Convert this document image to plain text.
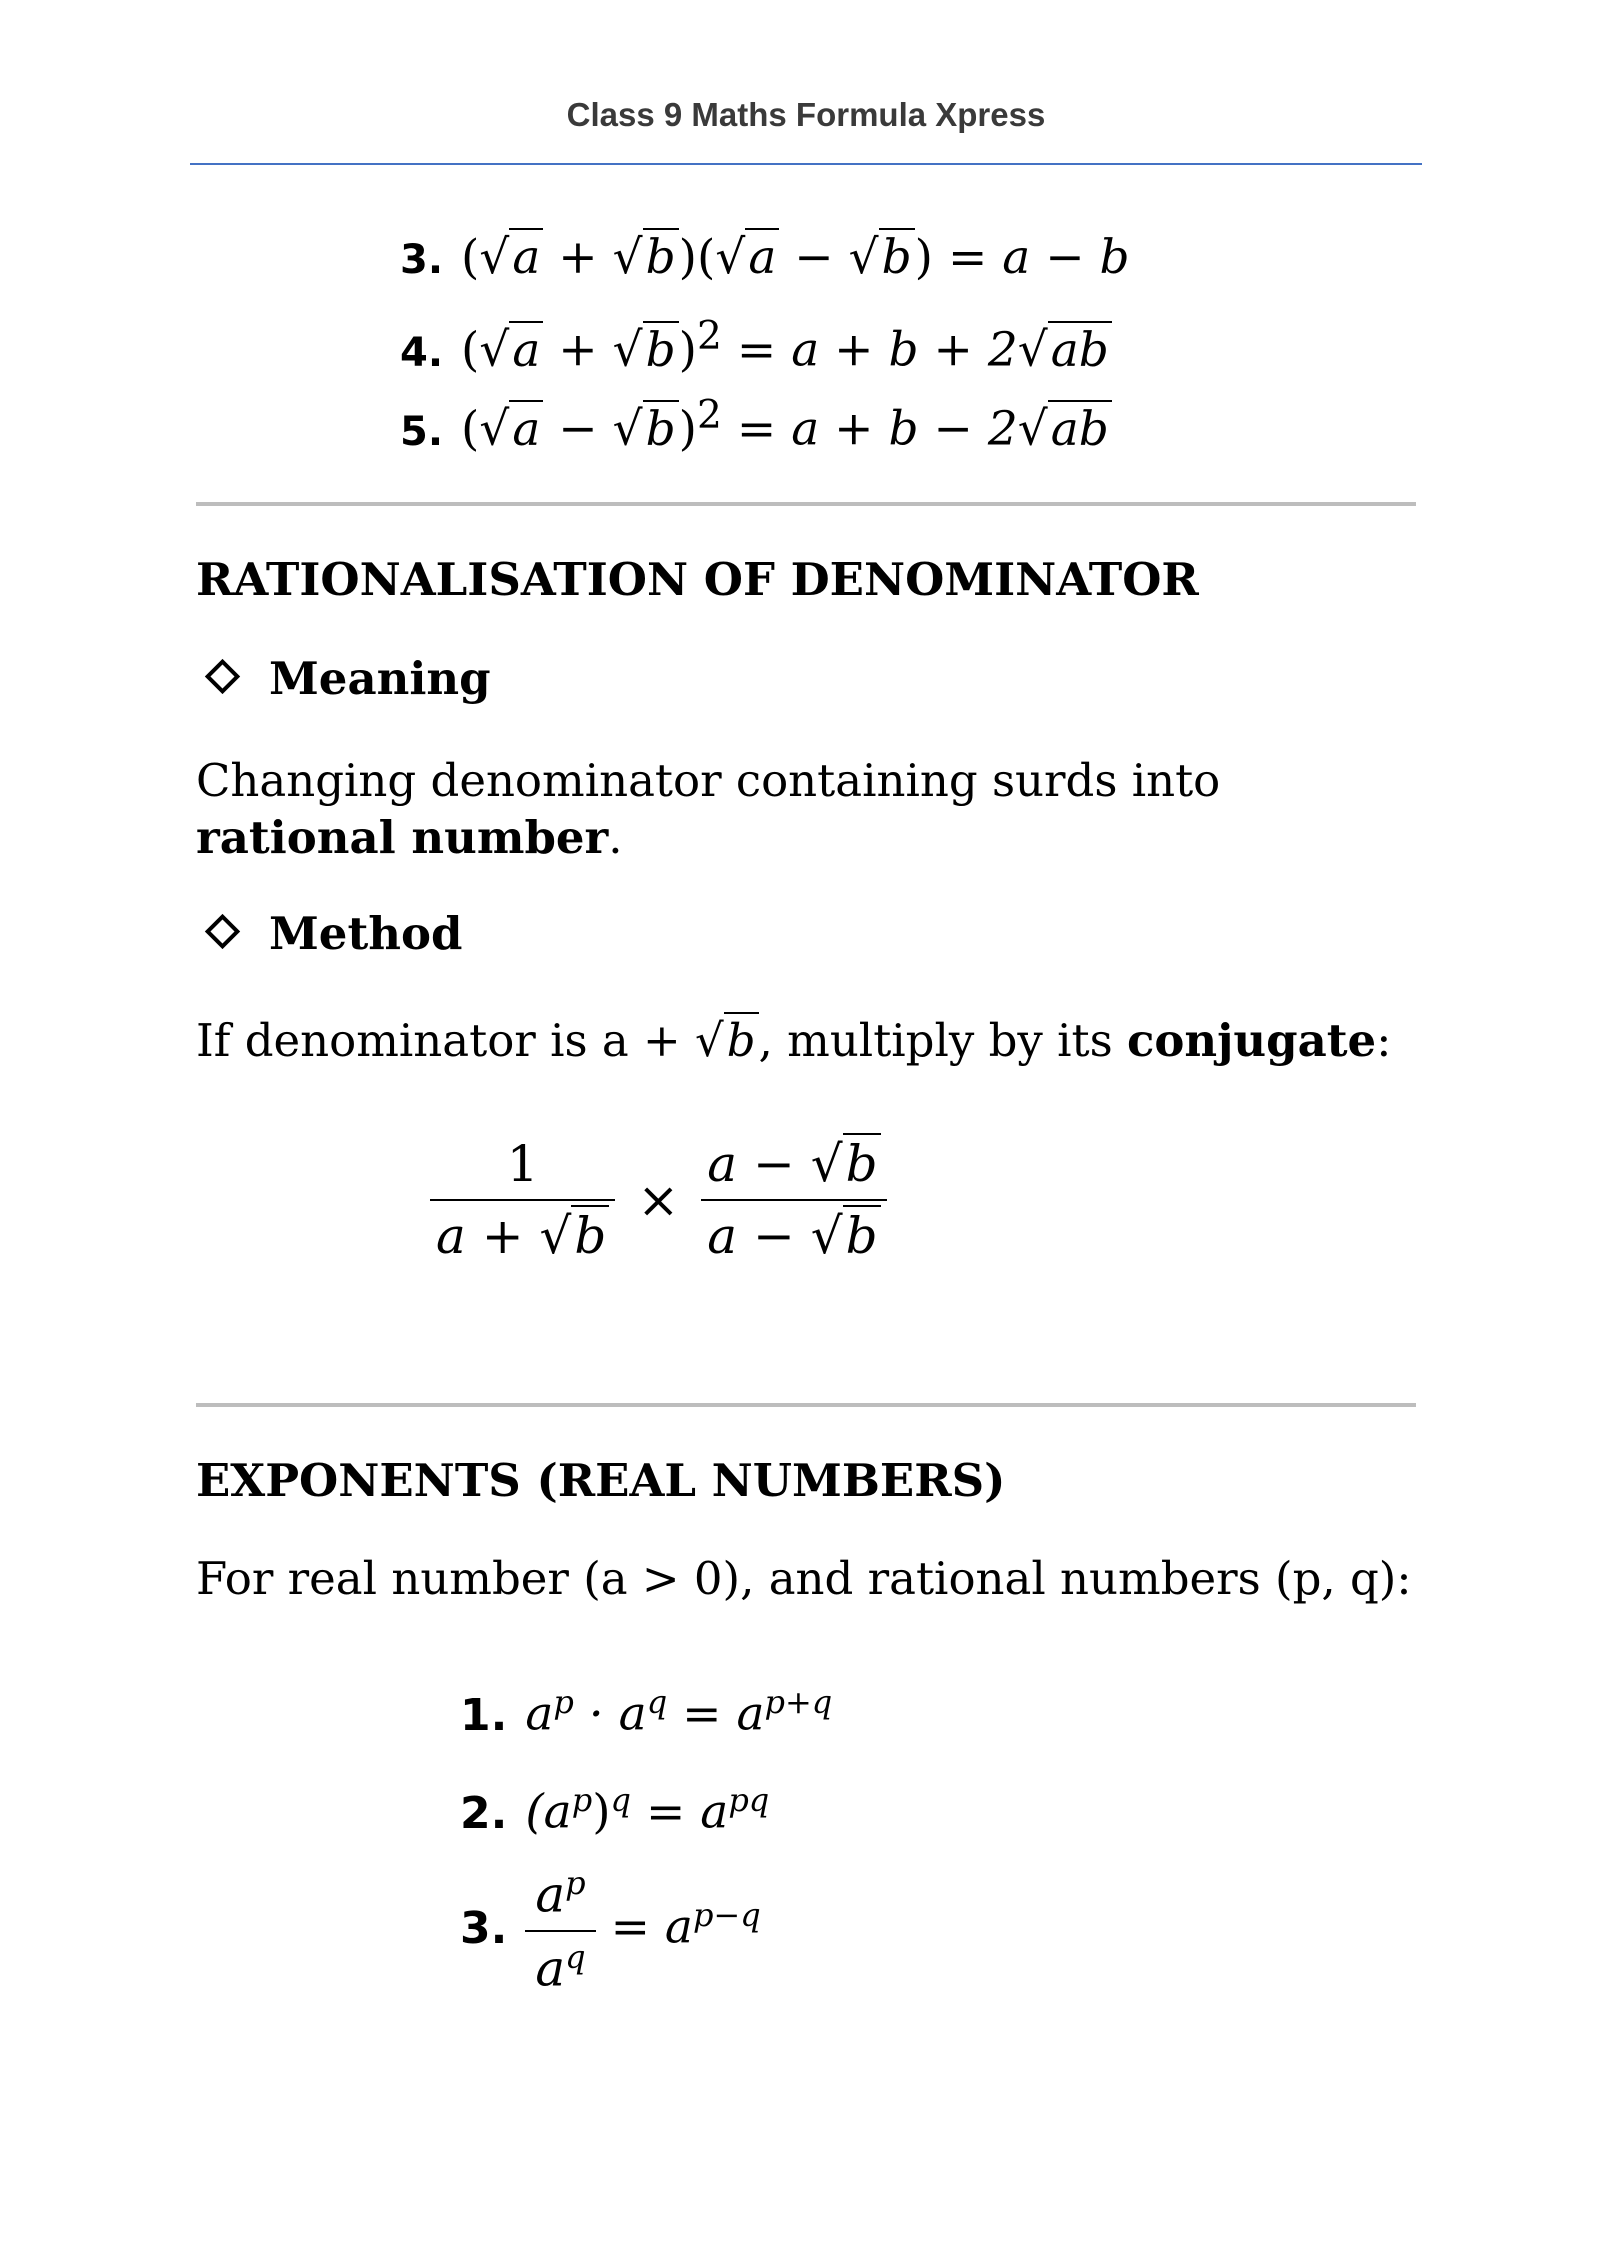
Class 9 Maths Formula Xpress
3. (√a + √b)(√a − √b) = a − b
4. $(√a + √b)^2 = a + b + 2√ab$
5. $(√a - √b)^2 = a + b - 2√ab$
RATIONALISATION OF DENOMINATOR
Meaning
Changing denominator containing surds into rational number.
Method
If denominator is a + √b, multiply by its conjugate:
$\frac{1}{a + √b} \times \frac{a - √b}{a - √b}$
EXPONENTS (REAL NUMBERS)
For real number (a > 0), and rational numbers (p, q):
1. $a^p \cdot a^q = a^{p+q}$
2. $(a^p)^q = a^{pq}$
3. $\frac{a^p}{a^q} = a^{p-q}$
